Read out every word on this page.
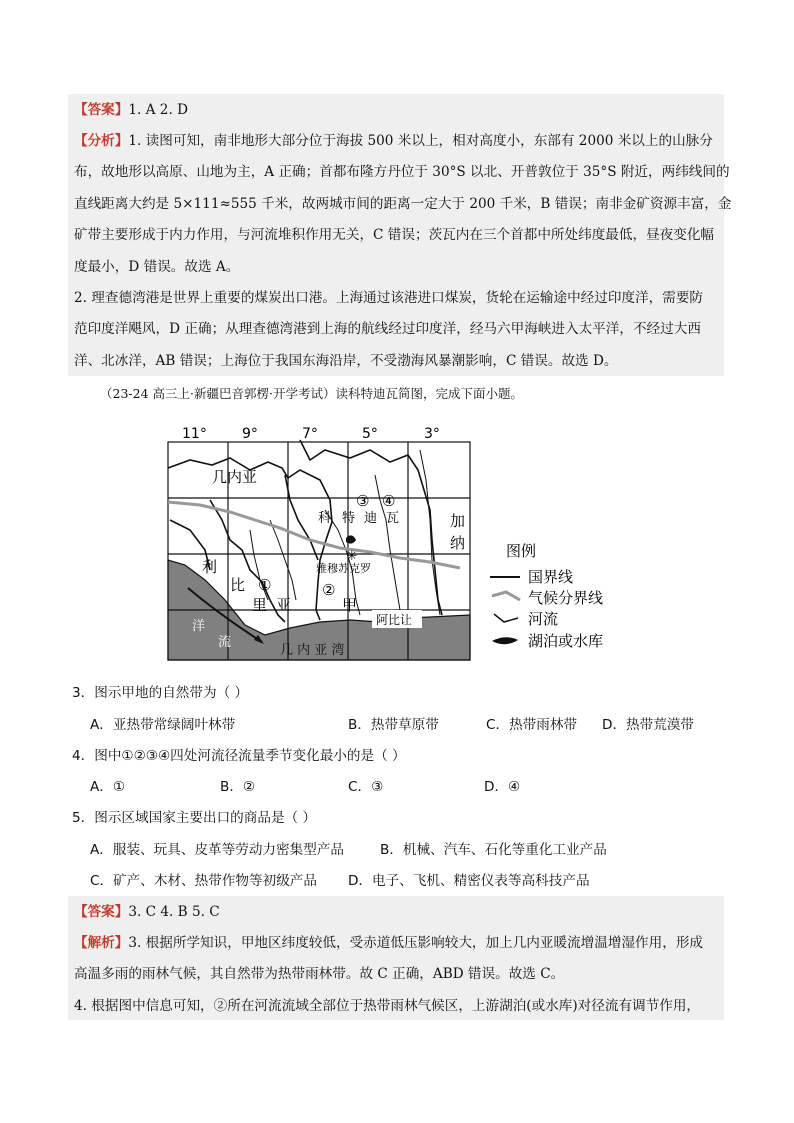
【答案】1. A 2. D
【分析】1. 读图可知，南非地形大部分位于海拔 500 米以上，相对高度小，东部有 2000 米以上的山脉分
布，故地形以高原、山地为主，A 正确；首都布隆方丹位于 30°S 以北、开普敦位于 35°S 附近，两纬线间的
直线距离大约是 5×111≈555 千米，故两城市间的距离一定大于 200 千米，B 错误；南非金矿资源丰富，金
矿带主要形成于内力作用，与河流堆积作用无关，C 错误；茨瓦内在三个首都中所处纬度最低，昼夜变化幅
度最小，D 错误。故选 A。
2. 理查德湾港是世界上重要的煤炭出口港。上海通过该港进口煤炭，货轮在运输途中经过印度洋，需要防
范印度洋飓风，D 正确；从理查德湾港到上海的航线经过印度洋，经马六甲海峡进入太平洋，不经过大西
洋、北冰洋，AB 错误；上海位于我国东海沿岸，不受渤海风暴潮影响，C 错误。故选 D。
（23-24 高三上·新疆巴音郭楞·开学考试）读科特迪瓦简图，完成下面小题。
11°	9°	7°	5°	3°
✳
几内亚
科 特 迪 瓦	加
纳
利
比
里 亚
①	②
③ ④
甲
雅穆苏克罗
阿比让
洋
流
几 内 亚 湾
图例
国界线
气候分界线
河流
湖泊或水库
3．图示甲地的自然带为（ ）
A．亚热带常绿阔叶林带	B．热带草原带	C．热带雨林带 D．热带荒漠带
4．图中①②③④四处河流径流量季节变化最小的是（ ）
A．①	B．②	C．③	D．④
5．图示区域国家主要出口的商品是（ ）
A．服装、玩具、皮革等劳动力密集型产品	B．机械、汽车、石化等重化工业产品
C．矿产、木材、热带作物等初级产品 D．电子、飞机、精密仪表等高科技产品
【答案】3. C 4. B 5. C
【解析】3. 根据所学知识，甲地区纬度较低，受赤道低压影响较大，加上几内亚暖流增温增湿作用，形成
高温多雨的雨林气候，其自然带为热带雨林带。故 C 正确，ABD 错误。故选 C。
4. 根据图中信息可知，②所在河流流域全部位于热带雨林气候区，上游湖泊(或水库)对径流有调节作用，
